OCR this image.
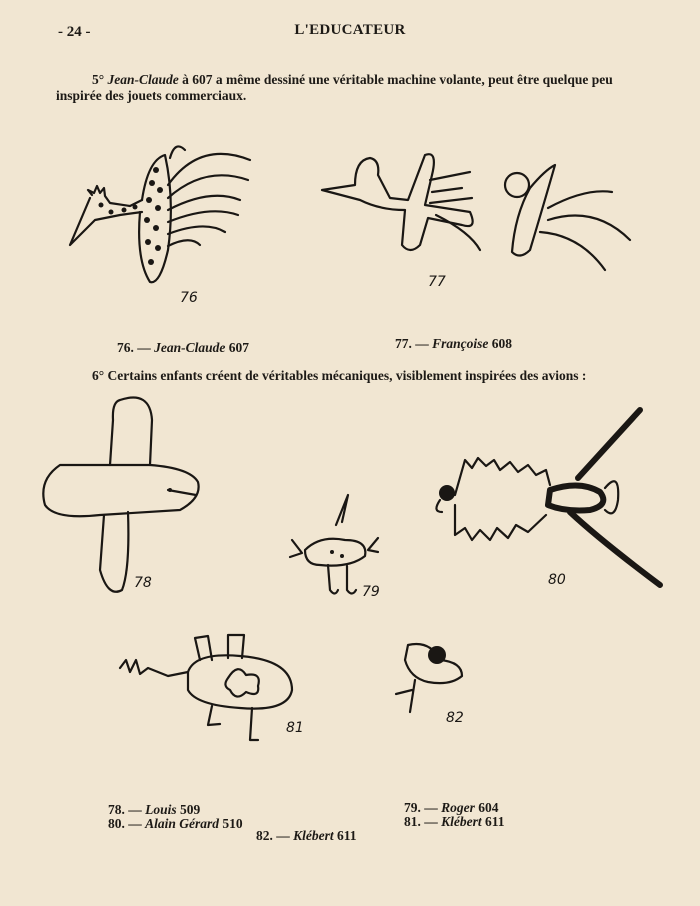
- 24 -	L'EDUCATEUR
5° Jean-Claude à 607 a même dessiné une véritable machine volante, peut être quelque peu inspirée des jouets commerciaux.
76
77
78
79
80
81
82
76. — Jean-Claude 607	77. — Françoise 608
6° Certains enfants créent de véritables mécaniques, visiblement inspirées des avions :
78. — Louis 509	79. — Roger 604
80. — Alain Gérard 510	81. — Klébert 611
82. — Klébert 611
